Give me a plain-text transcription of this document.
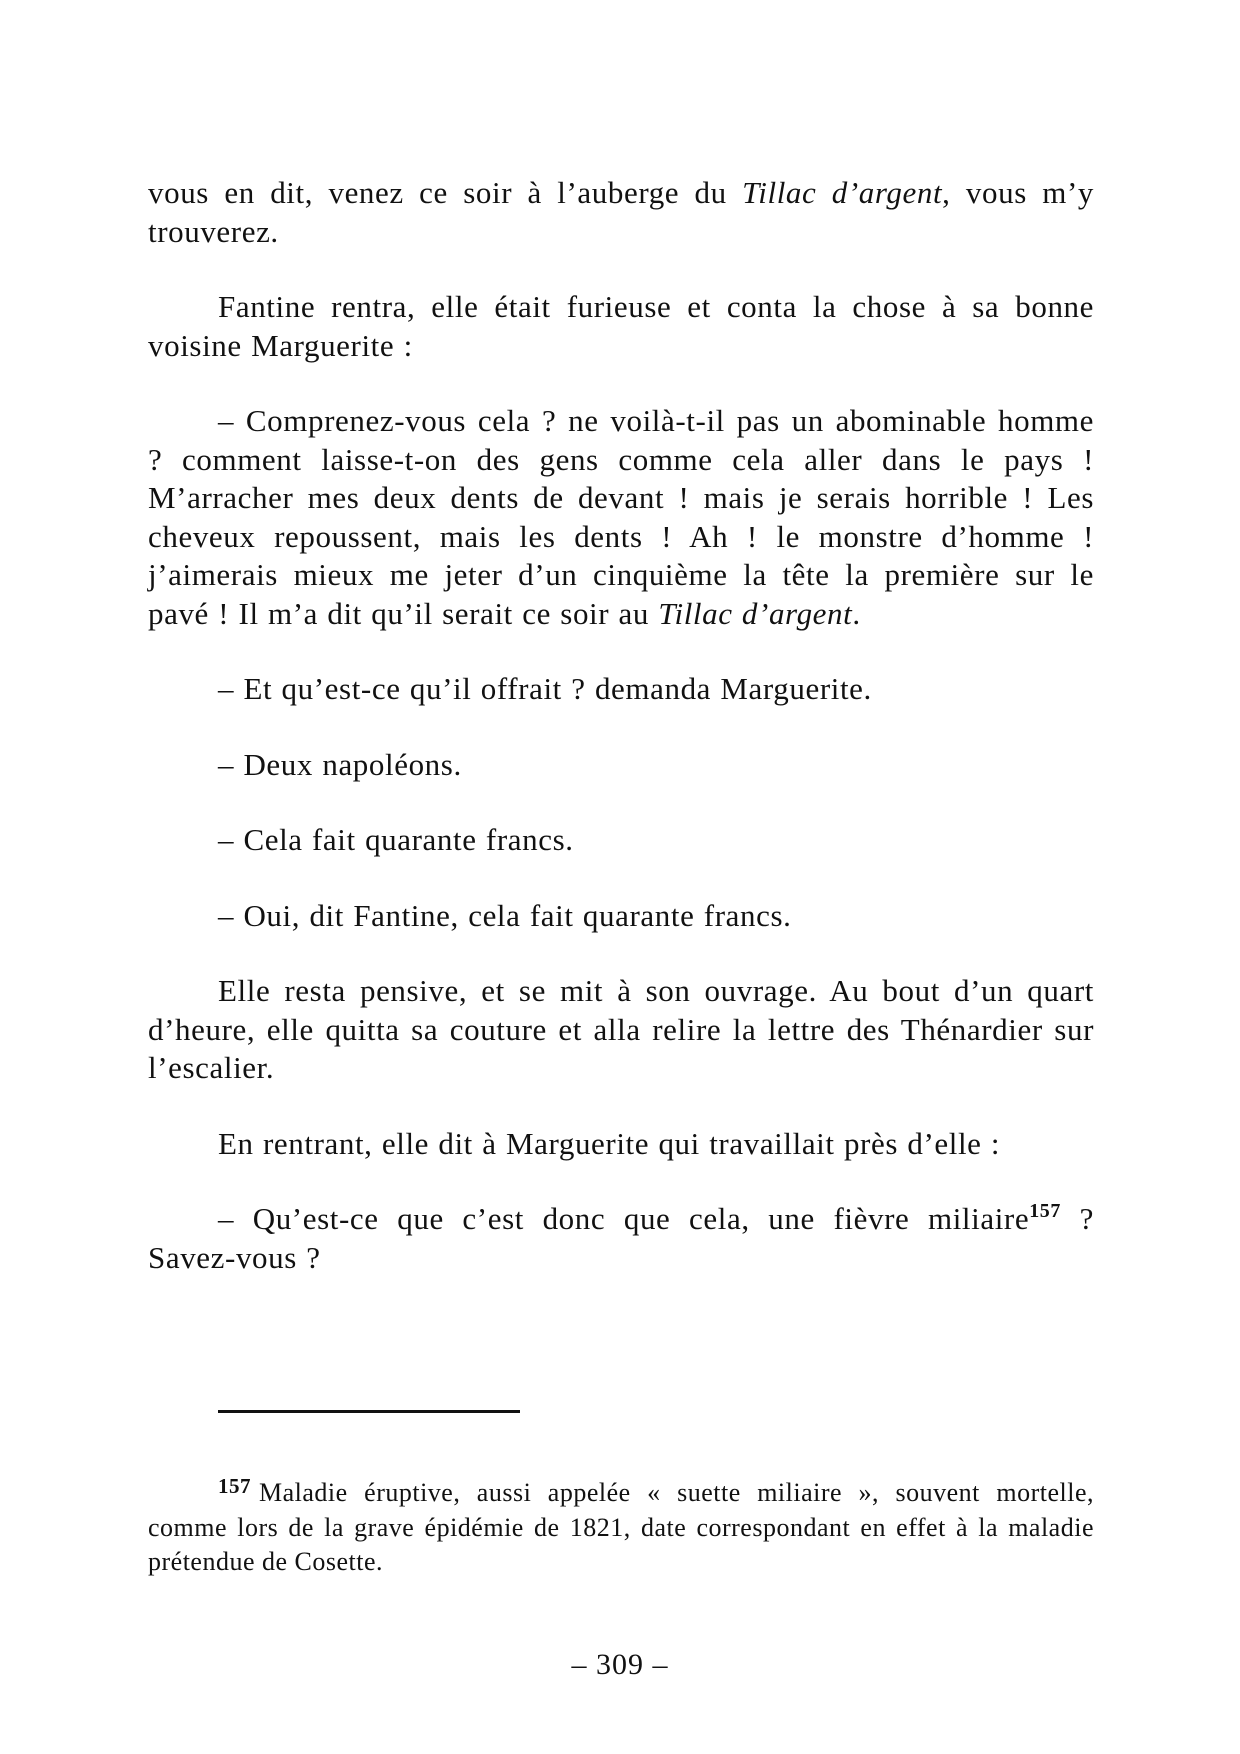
vous en dit, venez ce soir à l’auberge du Tillac d’argent, vous m’y trouverez.

Fantine rentra, elle était furieuse et conta la chose à sa bonne voisine Marguerite :

– Comprenez-vous cela ? ne voilà-t-il pas un abominable homme ? comment laisse-t-on des gens comme cela aller dans le pays ! M’arracher mes deux dents de devant ! mais je serais horrible ! Les cheveux repoussent, mais les dents ! Ah ! le monstre d’homme ! j’aimerais mieux me jeter d’un cinquième la tête la première sur le pavé ! Il m’a dit qu’il serait ce soir au Tillac d’argent.

– Et qu’est-ce qu’il offrait ? demanda Marguerite.

– Deux napoléons.

– Cela fait quarante francs.

– Oui, dit Fantine, cela fait quarante francs.

Elle resta pensive, et se mit à son ouvrage. Au bout d’un quart d’heure, elle quitta sa couture et alla relire la lettre des Thénardier sur l’escalier.

En rentrant, elle dit à Marguerite qui travaillait près d’elle :

– Qu’est-ce que c’est donc que cela, une fièvre miliaire$^{157}$ ? Savez-vous ?

$^{157}$ Maladie éruptive, aussi appelée « suette miliaire », souvent mortelle, comme lors de la grave épidémie de 1821, date correspondant en effet à la maladie prétendue de Cosette.

– 309 –
